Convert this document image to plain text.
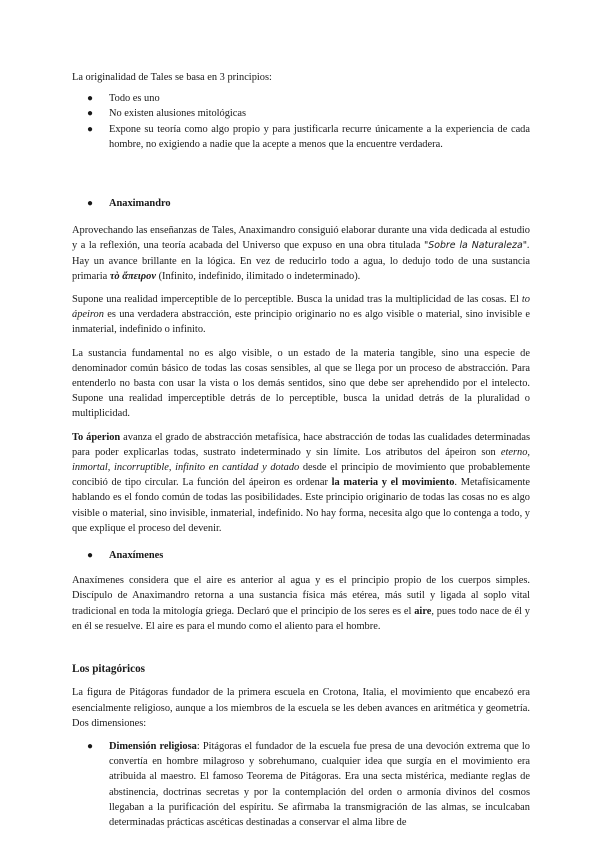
La originalidad de Tales se basa en 3 principios:

● Todo es uno
● No existen alusiones mitológicas
● Expone su teoría como algo propio y para justificarla recurre únicamente a la experiencia de cada hombre, no exigiendo a nadie que la acepte a menos que la encuentre verdadera.
● Anaximandro

Aprovechando las enseñanzas de Tales, Anaximandro consiguió elaborar durante una vida dedicada al estudio y a la reflexión, una teoría acabada del Universo que expuso en una obra titulada "Sobre la Naturaleza". Hay un avance brillante en la lógica. En vez de reducirlo todo a agua, lo dedujo todo de una sustancia primaria τὸ ἄπειρον (Infinito, indefinido, ilimitado o indeterminado).

Supone una realidad imperceptible de lo perceptible. Busca la unidad tras la multiplicidad de las cosas. El to ápeiron es una verdadera abstracción, este principio originario no es algo visible o material, sino invisible e inmaterial, indefinido o infinito.

La sustancia fundamental no es algo visible, o un estado de la materia tangible, sino una especie de denominador común básico de todas las cosas sensibles, al que se llega por un proceso de abstracción. Para entenderlo no basta con usar la vista o los demás sentidos, sino que debe ser aprehendido por el intelecto. Supone una realidad imperceptible detrás de lo perceptible, busca la unidad detrás de la pluralidad o multiplicidad.

To áperion avanza el grado de abstracción metafísica, hace abstracción de todas las cualidades determinadas para poder explicarlas todas, sustrato indeterminado y sin límite. Los atributos del ápeiron son eterno, inmortal, incorruptible, infinito en cantidad y dotado desde el principio de movimiento que probablemente concibió de tipo circular. La función del ápeiron es ordenar la materia y el movimiento. Metafísicamente hablando es el fondo común de todas las posibilidades. Este principio originario de todas las cosas no es algo visible o material, sino invisible, inmaterial, indefinido. No hay forma, necesita algo que lo contenga a todo, y que explique el proceso del devenir.

● Anaxímenes

Anaxímenes considera que el aire es anterior al agua y es el principio propio de los cuerpos simples. Discípulo de Anaximandro retorna a una sustancia física más etérea, más sutil y ligada al soplo vital tradicional en toda la mitología griega. Declaró que el principio de los seres es el aire, pues todo nace de él y en él se resuelve. El aire es para el mundo como el aliento para el hombre.

Los pitagóricos

La figura de Pitágoras fundador de la primera escuela en Crotona, Italia, el movimiento que encabezó era esencialmente religioso, aunque a los miembros de la escuela se les deben avances en aritmética y geometría. Dos dimensiones:

● Dimensión religiosa: Pitágoras el fundador de la escuela fue presa de una devoción extrema que lo convertía en hombre milagroso y sobrehumano, cualquier idea que surgía en el movimiento era atribuida al maestro. El famoso Teorema de Pitágoras. Era una secta mistérica, mediante reglas de abstinencia, doctrinas secretas y por la contemplación del orden o armonía divinos del cosmos llegaban a la purificación del espíritu. Se afirmaba la transmigración de las almas, se inculcaban determinadas prácticas ascéticas destinadas a conservar el alma libre de
